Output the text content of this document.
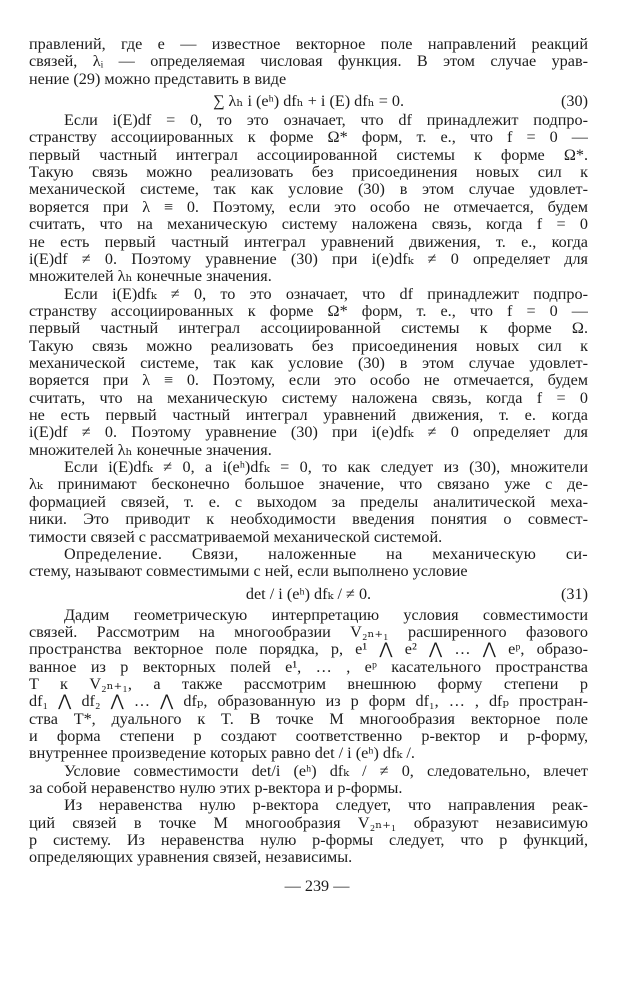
правлений, где e — известное векторное поле направлений реакций
связей, λᵢ — определяемая числовая функция. В этом случае урав-
нение (29) можно представить в виде
∑ λₕ i (eʰ) dfₕ + i (E) dfₕ = 0.	(30)
Если i(E)df = 0, то это означает, что df принадлежит подпро-
странству ассоциированных к форме Ω* форм, т. е., что f = 0 —
первый частный интеграл ассоциированной системы к форме Ω*.
Такую связь можно реализовать без присоединения новых сил к
механической системе, так как условие (30) в этом случае удовлет-
воряется при λ ≡ 0. Поэтому, если это особо не отмечается, будем
считать, что на механическую систему наложена связь, когда f = 0
не есть первый частный интеграл уравнений движения, т. е., когда
i(E)df ≠ 0. Поэтому уравнение (30) при i(e)dfₖ ≠ 0 определяет для
множителей λₕ конечные значения.
Если i(E)dfₖ ≠ 0, то это означает, что df принадлежит подпро-
странству ассоциированных к форме Ω* форм, т. е., что f = 0 —
первый частный интеграл ассоциированной системы к форме Ω.
Такую связь можно реализовать без присоединения новых сил к
механической системе, так как условие (30) в этом случае удовлет-
воряется при λ ≡ 0. Поэтому, если это особо не отмечается, будем
считать, что на механическую систему наложена связь, когда f = 0
не есть первый частный интеграл уравнений движения, т. е. когда
i(E)df ≠ 0. Поэтому уравнение (30) при i(e)dfₖ ≠ 0 определяет для
множителей λₕ конечные значения.
Если i(E)dfₖ ≠ 0, а i(eʰ)dfₖ = 0, то как следует из (30), множители
λₖ принимают бесконечно большое значение, что связано уже с де-
формацией связей, т. е. с выходом за пределы аналитической меха-
ники. Это приводит к необходимости введения понятия о совмест-
тимости связей с рассматриваемой механической системой.
Определение. Связи, наложенные на механическую си-
стему, называют совместимыми с ней, если выполнено условие
det / i (eʰ) dfₖ / ≠ 0.	(31)
Дадим геометрическую интерпретацию условия совместимости
связей. Рассмотрим на многообразии V₂ₙ₊₁ расширенного фазового
пространства векторное поле порядка, p, e¹ ⋀ e² ⋀ … ⋀ eᵖ, образо-
ванное из p векторных полей e¹, … , eᵖ касательного пространства
T к V₂ₙ₊₁, а также рассмотрим внешнюю форму степени p
df₁ ⋀ df₂ ⋀ … ⋀ dfₚ, образованную из p форм df₁, … , dfₚ простран-
ства T*, дуального к T. В точке M многообразия векторное поле
и форма степени p создают соответственно p-вектор и p-форму,
внутреннее произведение которых равно det / i (eʰ) dfₖ /.
— 239 —
Условие совместимости det/i (eʰ) dfₖ / ≠ 0, следовательно, влечет
за собой неравенство нулю этих p-вектора и p-формы.
Из неравенства нулю p-вектора следует, что направления реак-
ций связей в точке M многообразия V₂ₙ₊₁ образуют независимую
p систему. Из неравенства нулю p-формы следует, что p функций,
определяющих уравнения связей, независимы.
